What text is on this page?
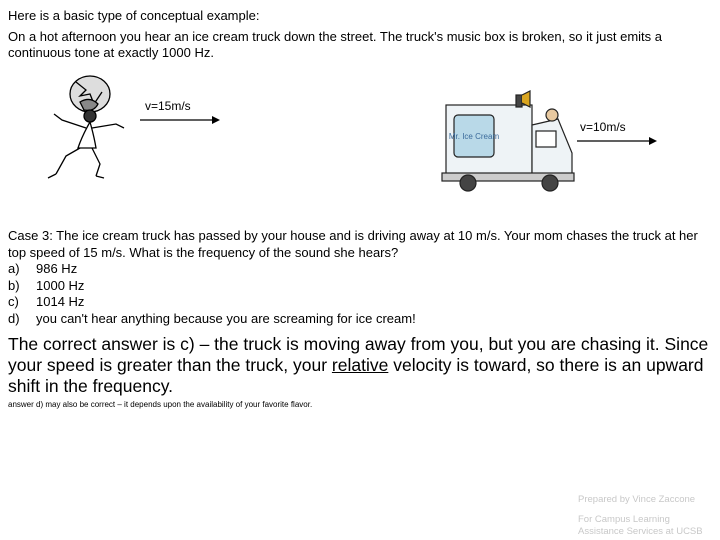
Here is a basic type of conceptual example:

On a hot afternoon you hear an ice cream truck down the street. The truck's music box is broken, so it just emits a continuous tone at exactly 1000 Hz.

v=15m/s
Mr. Ice Cream
v=10m/s
Case 3: The ice cream truck has passed by your house and is driving away at 10 m/s. Your mom chases the truck at her top speed of 15 m/s. What is the frequency of the sound she hears?
a) 986 Hz
b) 1000 Hz
c) 1014 Hz
d) you can't hear anything because you are screaming for ice cream!

The correct answer is c) – the truck is moving away from you, but you are chasing it. Since your speed is greater than the truck, your relative velocity is toward, so there is an upward shift in the frequency.

answer d) may also be correct – it depends upon the availability of your favorite flavor.

Prepared by Vince Zaccone
For Campus Learning
Assistance Services at UCSB
